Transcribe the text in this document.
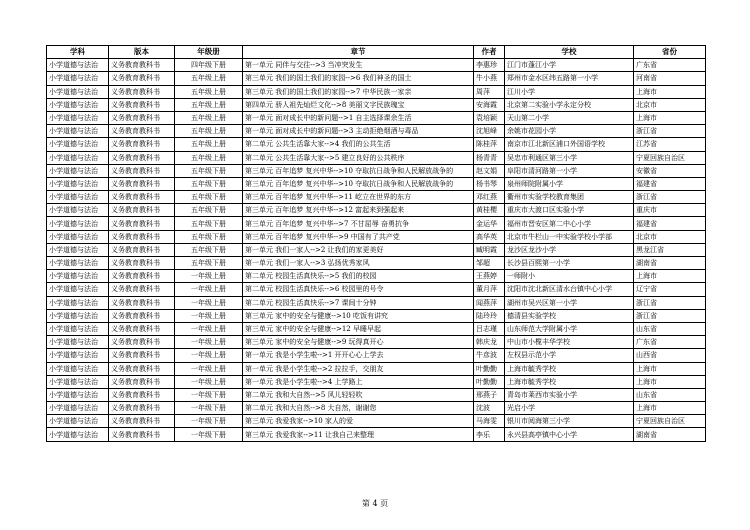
学科	版本	年级册	章节	作者	学校	省份
小学道德与法治	义务教育教科书	四年级下册	第一单元 同伴与交往-->3 当冲突发生	李惠珍	江门市蓬江小学	广东省
小学道德与法治	义务教育教科书	五年级上册	第三单元 我们的国土我们的家园-->6 我们神圣的国土	牛小燕	郑州市金水区纬五路第一小学	河南省
小学道德与法治	义务教育教科书	五年级上册	第三单元 我们的国土我们的家园-->7 中华民族一家亲	周萍	江川小学	上海市
小学道德与法治	义务教育教科书	五年级上册	第四单元 骄人祖先灿烂文化-->8 美丽文字民族瑰宝	安海霞	北京第二实验小学永定分校	北京市
小学道德与法治	义务教育教科书	五年级上册	第一单元 面对成长中的新问题-->1 自主选择课余生活	袁培颖	天山第二小学	上海市
小学道德与法治	义务教育教科书	五年级上册	第一单元 面对成长中的新问题-->3 主动拒绝烟酒与毒品	沈旭峰	余姚市花园小学	浙江省
小学道德与法治	义务教育教科书	五年级上册	第二单元 公共生活靠大家-->4 我们的公共生活	陈桂萍	南京市江北新区浦口外国语学校	江苏省
小学道德与法治	义务教育教科书	五年级上册	第二单元 公共生活靠大家-->5 建立良好的公共秩序	杨青青	吴忠市利通区第三小学	宁夏回族自治区
小学道德与法治	义务教育教科书	五年级下册	第三单元 百年追梦 复兴中华-->10 夺取抗日战争和人民解放战争的	赵文娟	阜阳市清河路第一小学	安徽省
小学道德与法治	义务教育教科书	五年级下册	第三单元 百年追梦 复兴中华-->10 夺取抗日战争和人民解放战争的	杨书琴	泉州师院附属小学	福建省
小学道德与法治	义务教育教科书	五年级下册	第三单元 百年追梦 复兴中华-->11 屹立在世界的东方	邓红燕	衢州市实验学校教育集团	浙江省
小学道德与法治	义务教育教科书	五年级下册	第三单元 百年追梦 复兴中华-->12 富起来到强起来	黄桂樱	重庆市大渡口区实验小学	重庆市
小学道德与法治	义务教育教科书	五年级下册	第三单元 百年追梦 复兴中华-->7 不甘屈辱 奋勇抗争	金运华	福州市晋安区第二中心小学	福建省
小学道德与法治	义务教育教科书	五年级下册	第三单元 百年追梦 复兴中华-->9 中国有了共产党	高华英	北京市牛栏山一中实验学校小学部	北京市
小学道德与法治	义务教育教科书	五年级下册	第一单元 我们一家人-->2 让我们的家更美好	臧明霞	龙沙区龙沙小学	黑龙江省
小学道德与法治	义务教育教科书	五年级下册	第一单元 我们一家人-->3 弘扬优秀家风	邹超	长沙县百熙第一小学	湖南省
小学道德与法治	义务教育教科书	一年级上册	第二单元 校园生活真快乐-->5 我们的校园	王燕婷	一师附小	上海市
小学道德与法治	义务教育教科书	一年级上册	第二单元 校园生活真快乐-->6 校园里的号令	董月萍	沈阳市沈北新区清水台镇中心小学	辽宁省
小学道德与法治	义务教育教科书	一年级上册	第二单元 校园生活真快乐-->7 课间十分钟	闻燕萍	湖州市吴兴区第一小学	浙江省
小学道德与法治	义务教育教科书	一年级上册	第三单元 家中的安全与健康-->10 吃饭有讲究	陆玲玲	德清县实验学校	浙江省
小学道德与法治	义务教育教科书	一年级上册	第三单元 家中的安全与健康-->12 早睡早起	吕志瑾	山东师范大学附属小学	山东省
小学道德与法治	义务教育教科书	一年级上册	第三单元 家中的安全与健康-->9 玩得真开心	韩庆龙	中山市小榄丰华学校	广东省
小学道德与法治	义务教育教科书	一年级上册	第一单元 我是小学生啦-->1 开开心心上学去	牛彦波	左权县示范小学	山西省
小学道德与法治	义务教育教科书	一年级上册	第一单元 我是小学生啦-->2 拉拉手，交朋友	叶勤勤	上海市毓秀学校	上海市
小学道德与法治	义务教育教科书	一年级上册	第一单元 我是小学生啦-->4 上学路上	叶勤勤	上海市毓秀学校	上海市
小学道德与法治	义务教育教科书	一年级下册	第二单元 我和大自然-->5 风儿轻轻吹	邢燕子	青岛市莱西市实验小学	山东省
小学道德与法治	义务教育教科书	一年级下册	第二单元 我和大自然-->8 大自然，谢谢您	沈波	光启小学	上海市
小学道德与法治	义务教育教科书	一年级下册	第三单元 我爱我家-->10 家人的爱	马海雯	银川市阅海第三小学	宁夏回族自治区
小学道德与法治	义务教育教科书	一年级下册	第三单元 我爱我家-->11 让我自己来整理	李乐	永兴县高亭镇中心小学	湖南省
第 4 页
